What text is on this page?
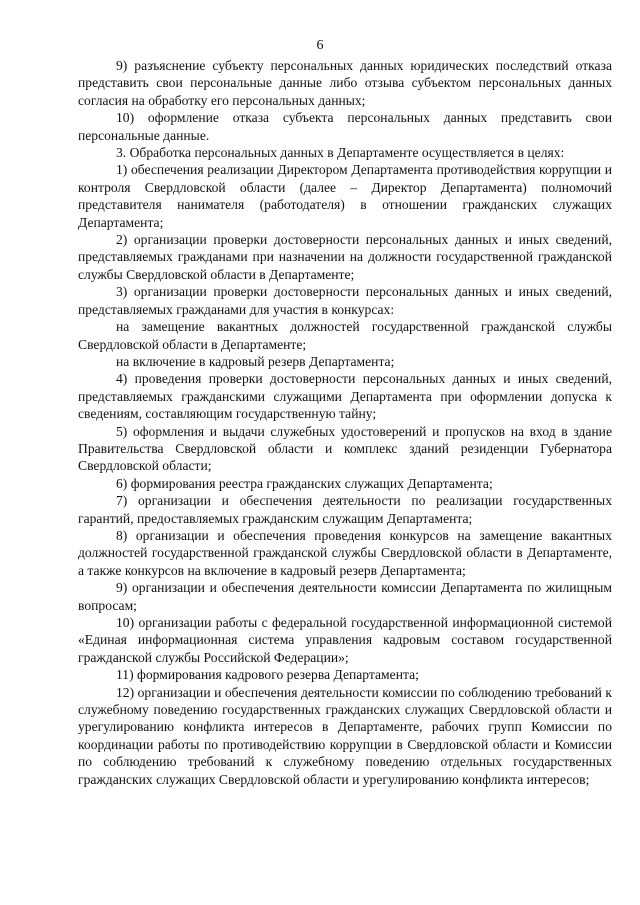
6

9) разъяснение субъекту персональных данных юридических последствий отказа представить свои персональные данные либо отзыва субъектом персональных данных согласия на обработку его персональных данных;

10) оформление отказа субъекта персональных данных представить свои персональные данные.

3. Обработка персональных данных в Департаменте осуществляется в целях:

1) обеспечения реализации Директором Департамента противодействия коррупции и контроля Свердловской области (далее – Директор Департамента) полномочий представителя нанимателя (работодателя) в отношении гражданских служащих Департамента;

2) организации проверки достоверности персональных данных и иных сведений, представляемых гражданами при назначении на должности государственной гражданской службы Свердловской области в Департаменте;

3) организации проверки достоверности персональных данных и иных сведений, представляемых гражданами для участия в конкурсах:

на замещение вакантных должностей государственной гражданской службы Свердловской области в Департаменте;

на включение в кадровый резерв Департамента;

4) проведения проверки достоверности персональных данных и иных сведений, представляемых гражданскими служащими Департамента при оформлении допуска к сведениям, составляющим государственную тайну;

5) оформления и выдачи служебных удостоверений и пропусков на вход в здание Правительства Свердловской области и комплекс зданий резиденции Губернатора Свердловской области;

6) формирования реестра гражданских служащих Департамента;

7) организации и обеспечения деятельности по реализации государственных гарантий, предоставляемых гражданским служащим Департамента;

8) организации и обеспечения проведения конкурсов на замещение вакантных должностей государственной гражданской службы Свердловской области в Департаменте, а также конкурсов на включение в кадровый резерв Департамента;

9) организации и обеспечения деятельности комиссии Департамента по жилищным вопросам;

10) организации работы с федеральной государственной информационной системой «Единая информационная система управления кадровым составом государственной гражданской службы Российской Федерации»;

11) формирования кадрового резерва Департамента;

12) организации и обеспечения деятельности комиссии по соблюдению требований к служебному поведению государственных гражданских служащих Свердловской области и урегулированию конфликта интересов в Департаменте, рабочих групп Комиссии по координации работы по противодействию коррупции в Свердловской области и Комиссии по соблюдению требований к служебному поведению отдельных государственных гражданских служащих Свердловской области и урегулированию конфликта интересов;
